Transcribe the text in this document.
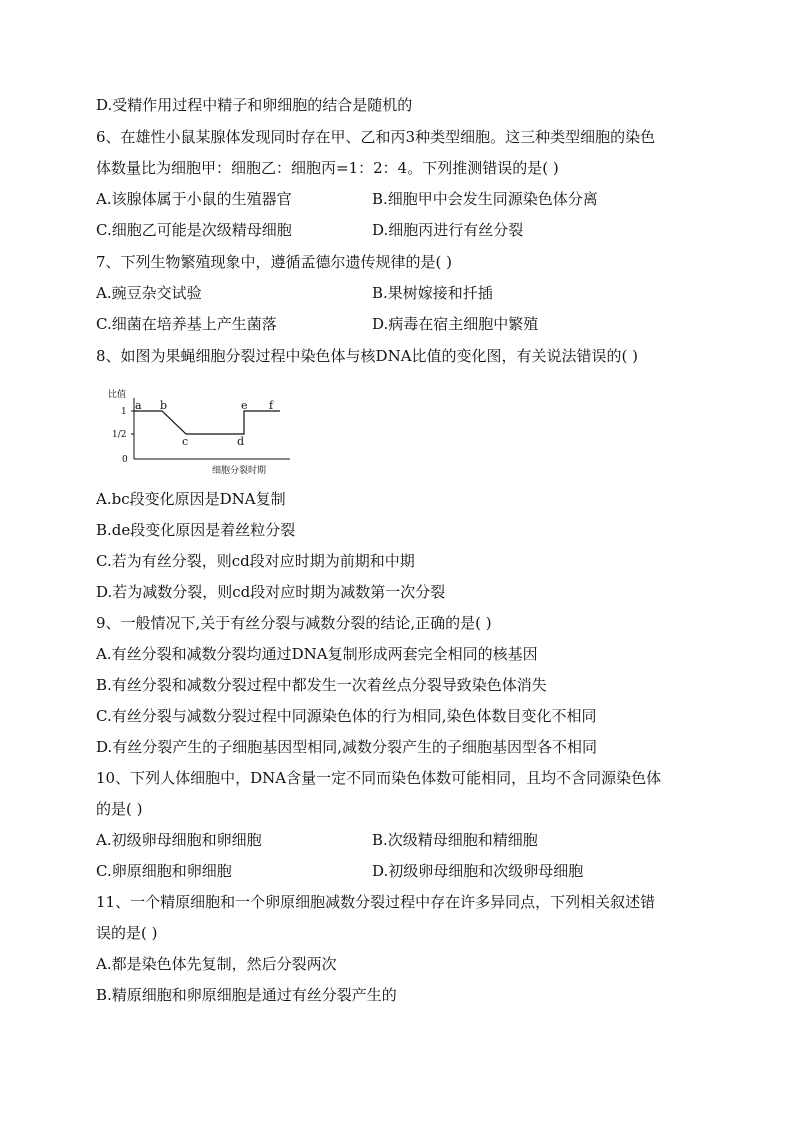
D.受精作用过程中精子和卵细胞的结合是随机的
6、在雄性小鼠某腺体发现同时存在甲、乙和丙3种类型细胞。这三种类型细胞的染色
体数量比为细胞甲：细胞乙：细胞丙=1：2：4。下列推测错误的是( )
A.该腺体属于小鼠的生殖器官	B.细胞甲中会发生同源染色体分离
C.细胞乙可能是次级精母细胞	D.细胞丙进行有丝分裂
7、下列生物繁殖现象中，遵循孟德尔遗传规律的是( )
A.豌豆杂交试验	B.果树嫁接和扦插
C.细菌在培养基上产生菌落	D.病毒在宿主细胞中繁殖
8、如图为果蝇细胞分裂过程中染色体与核DNA比值的变化图，有关说法错误的( )
比值
1
1/2
0
a b
c	d
e f
细胞分裂时期
A.bc段变化原因是DNA复制
B.de段变化原因是着丝粒分裂
C.若为有丝分裂，则cd段对应时期为前期和中期
D.若为减数分裂，则cd段对应时期为减数第一次分裂
9、一般情况下,关于有丝分裂与减数分裂的结论,正确的是( )
A.有丝分裂和减数分裂均通过DNA复制形成两套完全相同的核基因
B.有丝分裂和减数分裂过程中都发生一次着丝点分裂导致染色体消失
C.有丝分裂与减数分裂过程中同源染色体的行为相同,染色体数目变化不相同
D.有丝分裂产生的子细胞基因型相同,减数分裂产生的子细胞基因型各不相同
10、下列人体细胞中，DNA含量一定不同而染色体数可能相同，且均不含同源染色体
的是( )
A.初级卵母细胞和卵细胞	B.次级精母细胞和精细胞
C.卵原细胞和卵细胞	D.初级卵母细胞和次级卵母细胞
11、一个精原细胞和一个卵原细胞减数分裂过程中存在许多异同点，下列相关叙述错
误的是( )
A.都是染色体先复制，然后分裂两次
B.精原细胞和卵原细胞是通过有丝分裂产生的
